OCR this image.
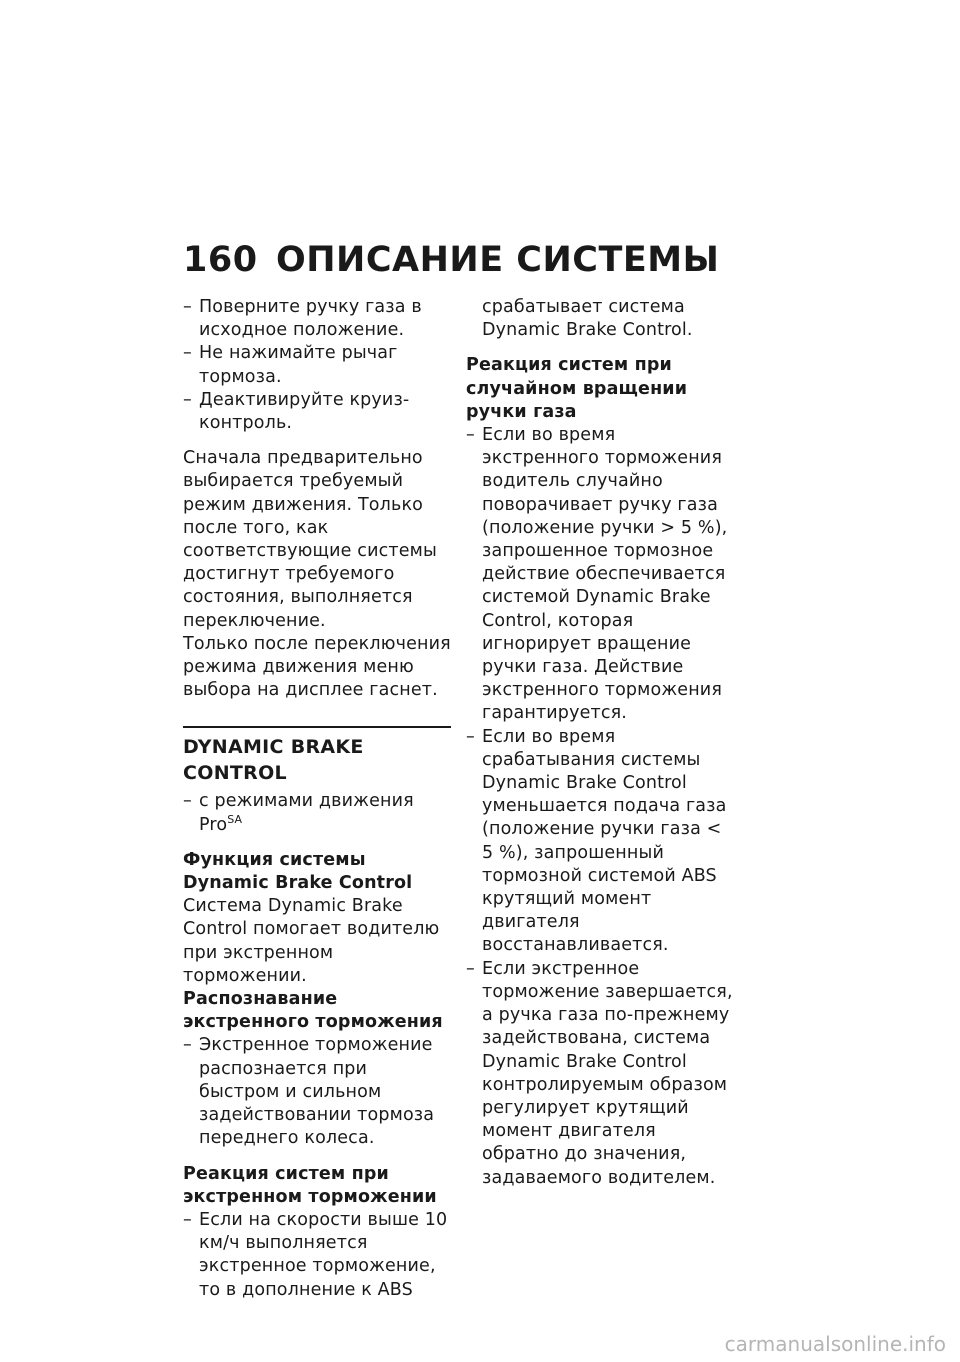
160 ОПИСАНИЕ СИСТЕМЫ
– Поверните ручку газа в исходное положение.
– Не нажимайте рычаг тормоза.
– Деактивируйте круиз-контроль.

Сначала предварительно выбирается требуемый режим движения. Только после того, как соответствующие системы достигнут требуемого состояния, выполняется переключение.

Только после переключения режима движения меню выбора на дисплее гаснет.

DYNAMIC BRAKE CONTROL
– с режимами движения Pro$^{SA}$
Функция системы Dynamic Brake Control

Система Dynamic Brake Control помогает водителю при экстренном торможении.

Распознавание экстренного торможения
– Экстренное торможение распознается при быстром и сильном задействовании тормоза переднего колеса.
Реакция систем при экстренном торможении
– Если на скорости выше 10 км/ч выполняется экстренное торможение, то в дополнение к ABS

срабатывает система Dynamic Brake Control.

Реакция систем при случайном вращении ручки газа
– Если во время экстренного торможения водитель случайно поворачивает ручку газа (положение ручки > 5 %), запрошенное тормозное действие обеспечивается системой Dynamic Brake Control, которая игнорирует вращение ручки газа. Действие экстренного торможения гарантируется.
– Если во время срабатывания системы Dynamic Brake Control уменьшается подача газа (положение ручки газа < 5 %), запрошенный тормозной системой ABS крутящий момент двигателя восстанавливается.
– Если экстренное торможение завершается, а ручка газа по-прежнему задействована, система Dynamic Brake Control контролируемым образом регулирует крутящий момент двигателя обратно до значения, задаваемого водителем.
carmanualsonline.info
